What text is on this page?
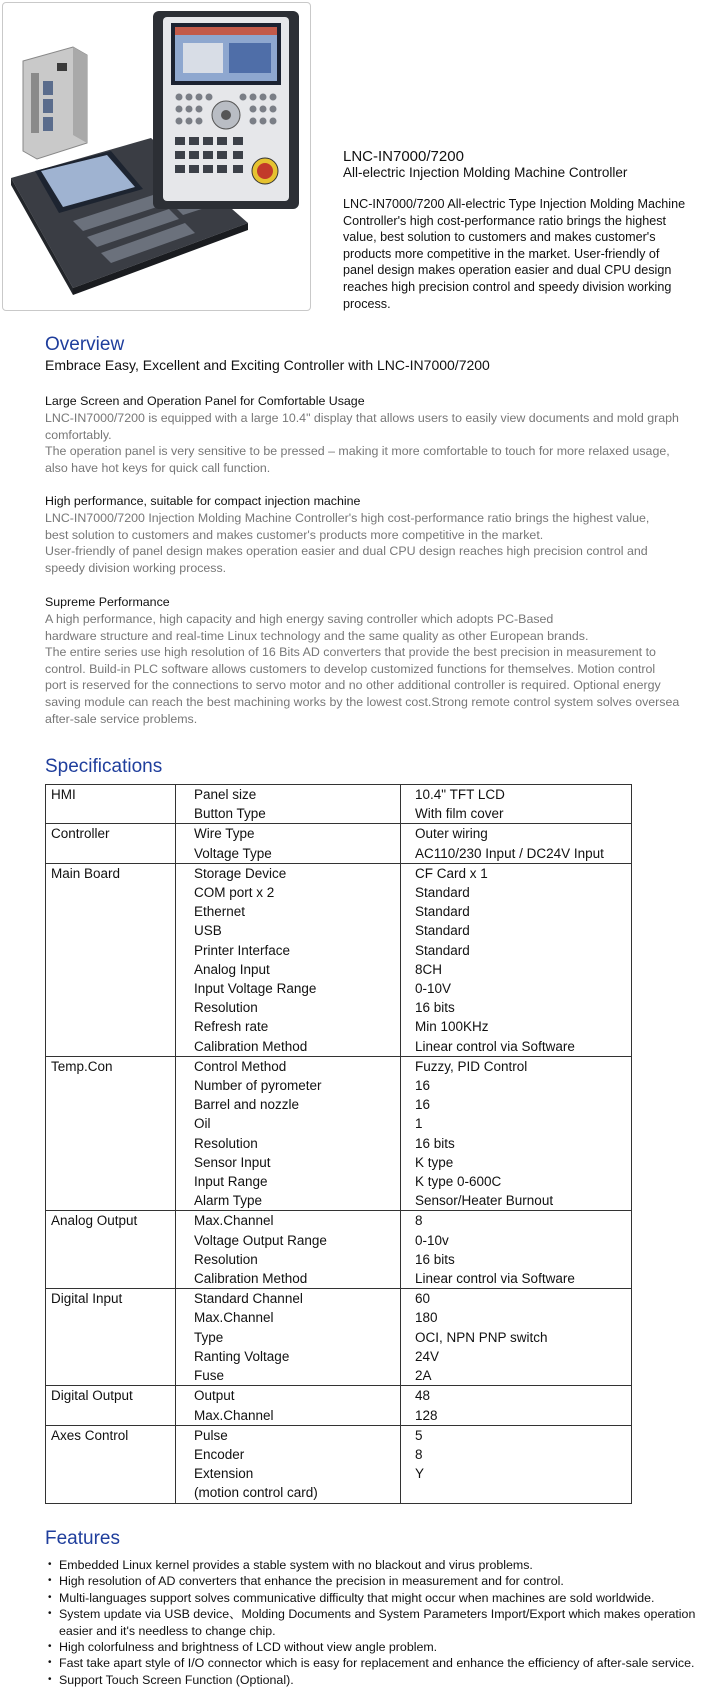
LNC-IN7000/7200
All-electric Injection Molding Machine Controller
LNC-IN7000/7200 All-electric Type Injection Molding Machine Controller's high cost-performance ratio brings the highest value, best solution to customers and makes customer's products more competitive in the market. User-friendly of panel design makes operation easier and dual CPU design reaches high precision control and speedy division working process.
Overview
Embrace Easy, Excellent and Exciting Controller with LNC-IN7000/7200
Large Screen and Operation Panel for Comfortable Usage
LNC-IN7000/7200 is equipped with a large 10.4" display that allows users to easily view documents and mold graph
comfortably.
The operation panel is very sensitive to be pressed – making it more comfortable to touch for more relaxed usage,
also have hot keys for quick call function.
High performance, suitable for compact injection machine
LNC-IN7000/7200 Injection Molding Machine Controller's high cost-performance ratio brings the highest value,
best solution to customers and makes customer's products more competitive in the market.
User-friendly of panel design makes operation easier and dual CPU design reaches high precision control and
speedy division working process.
Supreme Performance
A high performance, high capacity and high energy saving controller which adopts PC-Based
hardware structure and real-time Linux technology and the same quality as other European brands.
The entire series use high resolution of 16 Bits AD converters that provide the best precision in measurement to
control. Build-in PLC software allows customers to develop customized functions for themselves. Motion control
port is reserved for the connections to servo motor and no other additional controller is required. Optional energy
saving module can reach the best machining works by the lowest cost.Strong remote control system solves oversea
after-sale service problems.
Specifications
HMI	Panel size	10.4" TFT LCD
Button Type	With film cover
Controller	Wire Type	Outer wiring
Voltage Type	AC110/230 Input / DC24V Input
Main Board	Storage Device	CF Card x 1
COM port x 2	Standard
Ethernet	Standard
USB	Standard
Printer Interface	Standard
Analog Input	8CH
Input Voltage Range	0-10V
Resolution	16 bits
Refresh rate	Min 100KHz
Calibration Method	Linear control via Software
Temp.Con	Control Method	Fuzzy, PID Control
Number of pyrometer	16
Barrel and nozzle	16
Oil	1
Resolution	16 bits
Sensor Input	K type
Input Range	K type 0-600C
Alarm Type	Sensor/Heater Burnout
Analog Output	Max.Channel	8
Voltage Output Range	0-10v
Resolution	16 bits
Calibration Method	Linear control via Software
Digital Input	Standard Channel	60
Max.Channel	180
Type	OCI, NPN PNP switch
Ranting Voltage	24V
Fuse	2A
Digital Output	Output	48
Max.Channel	128
Axes Control	Pulse	5
Encoder	8
Extension	Y
(motion control card)
Features
• Embedded Linux kernel provides a stable system with no blackout and virus problems.
• High resolution of AD converters that enhance the precision in measurement and for control.
• Multi-languages support solves communicative difficulty that might occur when machines are sold worldwide.
• System update via USB device、Molding Documents and System Parameters Import/Export which makes operation easier and it's needless to change chip.
• High colorfulness and brightness of LCD without view angle problem.
• Fast take apart style of I/O connector which is easy for replacement and enhance the efficiency of after-sale service.
• Support Touch Screen Function (Optional).
